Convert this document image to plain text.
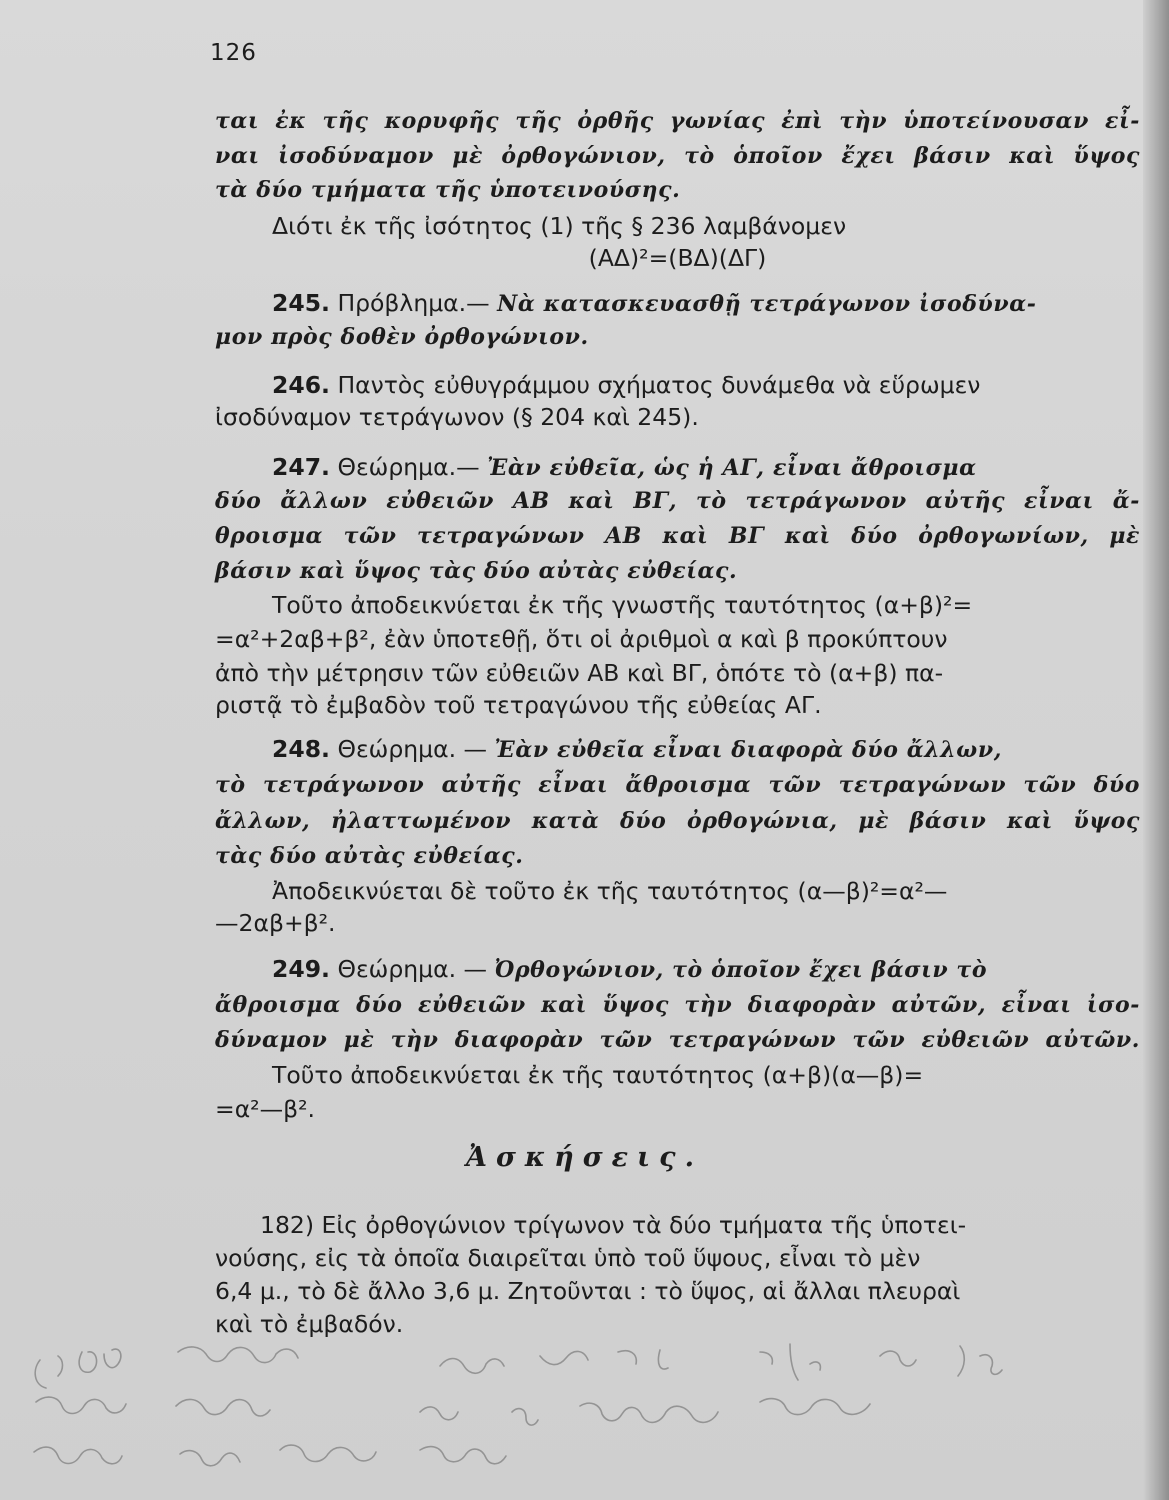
126
ται ἐκ τῆς κορυφῆς τῆς ὀρθῆς γωνίας ἐπὶ τὴν ὑποτείνουσαν εἶ-
ναι ἰσοδύναμον μὲ ὀρθογώνιον, τὸ ὁποῖον ἔχει βάσιν καὶ ὕψος
τὰ δύο τμήματα τῆς ὑποτεινούσης.
Διότι ἐκ τῆς ἰσότητος (1) τῆς § 236 λαμβάνομεν
(ΑΔ)²=(ΒΔ)(ΔΓ)
245. Πρόβλημα.— Νὰ κατασκευασθῇ τετράγωνον ἰσοδύνα-
μον πρὸς δοθὲν ὀρθογώνιον.
246. Παντὸς εὐθυγράμμου σχήματος δυνάμεθα νὰ εὕρωμεν
ἰσοδύναμον τετράγωνον (§ 204 καὶ 245).
247. Θεώρημα.— Ἐὰν εὐθεῖα, ὡς ἡ ΑΓ, εἶναι ἄθροισμα
δύο ἄλλων εὐθειῶν ΑΒ καὶ ΒΓ, τὸ τετράγωνον αὐτῆς εἶναι ἄ-
θροισμα τῶν τετραγώνων ΑΒ καὶ ΒΓ καὶ δύο ὀρθογωνίων, μὲ
βάσιν καὶ ὕψος τὰς δύο αὐτὰς εὐθείας.
Τοῦτο ἀποδεικνύεται ἐκ τῆς γνωστῆς ταυτότητος (α+β)²=
=α²+2αβ+β², ἐὰν ὑποτεθῇ, ὅτι οἱ ἀριθμοὶ α καὶ β προκύπτουν
ἀπὸ τὴν μέτρησιν τῶν εὐθειῶν ΑΒ καὶ ΒΓ, ὁπότε τὸ (α+β) πα-
ριστᾷ τὸ ἐμβαδὸν τοῦ τετραγώνου τῆς εὐθείας ΑΓ.
248. Θεώρημα. — Ἐὰν εὐθεῖα εἶναι διαφορὰ δύο ἄλλων,
τὸ τετράγωνον αὐτῆς εἶναι ἄθροισμα τῶν τετραγώνων τῶν δύο
ἄλλων, ἠλαττωμένον κατὰ δύο ὀρθογώνια, μὲ βάσιν καὶ ὕψος
τὰς δύο αὐτὰς εὐθείας.
Ἀποδεικνύεται δὲ τοῦτο ἐκ τῆς ταυτότητος (α—β)²=α²—
—2αβ+β².
249. Θεώρημα. — Ὀρθογώνιον, τὸ ὁποῖον ἔχει βάσιν τὸ
ἄθροισμα δύο εὐθειῶν καὶ ὕψος τὴν διαφορὰν αὐτῶν, εἶναι ἰσο-
δύναμον μὲ τὴν διαφορὰν τῶν τετραγώνων τῶν εὐθειῶν αὐτῶν.
Τοῦτο ἀποδεικνύεται ἐκ τῆς ταυτότητος (α+β)(α—β)=
=α²—β².
Ἀσκήσεις.
182) Εἰς ὀρθογώνιον τρίγωνον τὰ δύο τμήματα τῆς ὑποτει-
νούσης, εἰς τὰ ὁποῖα διαιρεῖται ὑπὸ τοῦ ὕψους, εἶναι τὸ μὲν
6,4 μ., τὸ δὲ ἄλλο 3,6 μ. Ζητοῦνται : τὸ ὕψος, αἱ ἄλλαι πλευραὶ
καὶ τὸ ἐμβαδόν.
